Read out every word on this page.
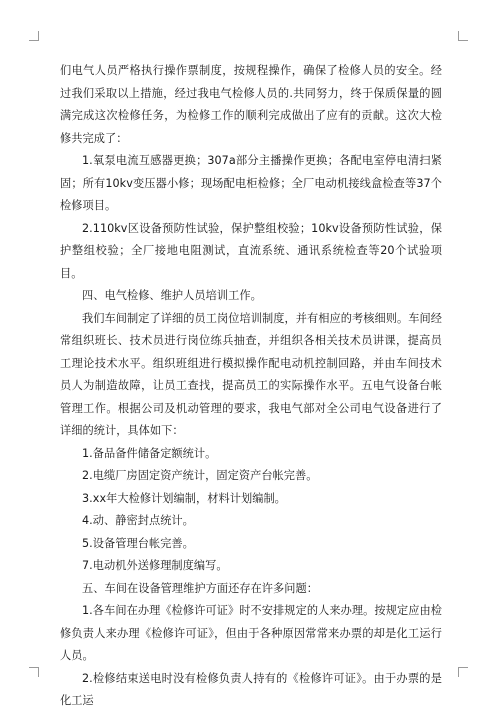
们电气人员严格执行操作票制度，按规程操作，确保了检修人员的安全。经过我们采取以上措施，经过我电气检修人员的.共同努力，终于保质保量的圆满完成这次检修任务，为检修工作的顺利完成做出了应有的贡献。这次大检修共完成了：

1.氧泵电流互感器更换；307a部分主播操作更换；各配电室停电清扫紧固；所有10kv变压器小修；现场配电柜检修；全厂电动机接线盒检查等37个检修项目。

2.110kv区设备预防性试验，保护整组校验；10kv设备预防性试验，保护整组校验；全厂接地电阻测试，直流系统、通讯系统检查等20个试验项目。

四、电气检修、维护人员培训工作。

我们车间制定了详细的员工岗位培训制度，并有相应的考核细则。车间经常组织班长、技术员进行岗位练兵抽查，并组织各相关技术员讲课，提高员工理论技术水平。组织班组进行模拟操作配电动机控制回路，并由车间技术员人为制造故障，让员工查找，提高员工的实际操作水平。五电气设备台帐管理工作。根据公司及机动管理的要求，我电气部对全公司电气设备进行了详细的统计，具体如下：

1.备品备件储备定额统计。

2.电缆厂房固定资产统计，固定资产台帐完善。

3.xx年大检修计划编制，材料计划编制。

4.动、静密封点统计。

5.设备管理台帐完善。

7.电动机外送修理制度编写。

五、车间在设备管理维护方面还存在许多问题：

1.各车间在办理《检修许可证》时不安排规定的人来办理。按规定应由检修负责人来办理《检修许可证》，但由于各种原因常常来办票的却是化工运行人员。

2.检修结束送电时没有检修负责人持有的《检修许可证》。由于办票的是化工运
